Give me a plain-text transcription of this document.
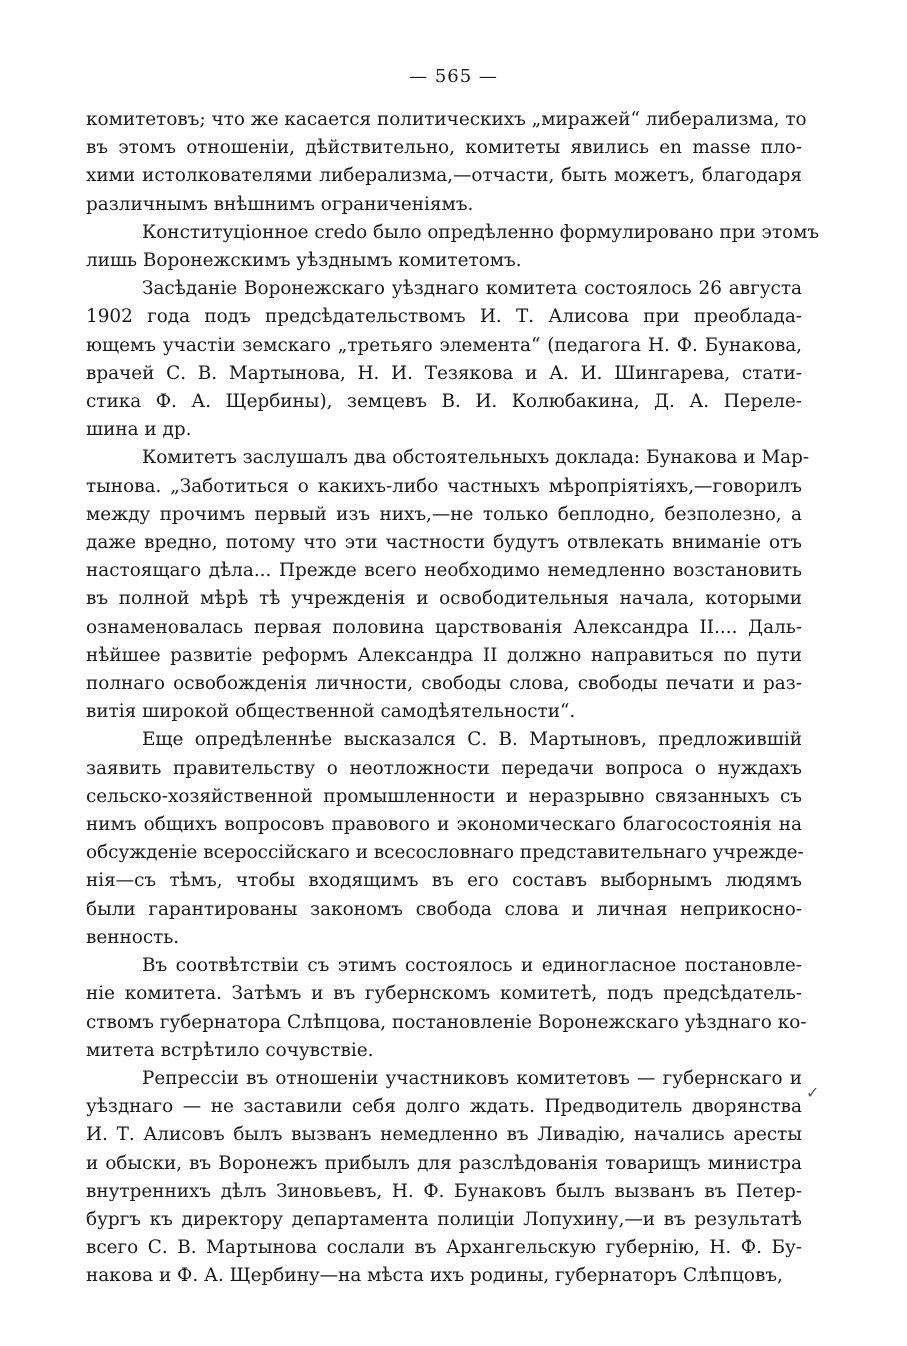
— 565 —
комитетовъ; что же касается политическихъ „миражей“ либерализма, то
въ этомъ отношеніи, дѣйствительно, комитеты явились en masse пло-
хими истолкователями либерализма,—отчасти, быть можетъ, благодаря
различнымъ внѣшнимъ ограниченіямъ.
Конституціонное credo было опредѣленно формулировано при этомъ
лишь Воронежскимъ уѣзднымъ комитетомъ.
Засѣданіе Воронежскаго уѣзднаго комитета состоялось 26 августа
1902 года подъ предсѣдательствомъ И. Т. Алисова при преоблада-
ющемъ участіи земскаго „третьяго элемента“ (педагога Н. Ф. Бунакова,
врачей С. В. Мартынова, Н. И. Тезякова и А. И. Шингарева, стати-
стика Ф. А. Щербины), земцевъ В. И. Колюбакина, Д. А. Переле-
шина и др.
Комитетъ заслушалъ два обстоятельныхъ доклада: Бунакова и Мар-
тынова. „Заботиться о какихъ-либо частныхъ мѣропріятіяхъ,—говорилъ
между прочимъ первый изъ нихъ,—не только беплодно, безполезно, а
даже вредно, потому что эти частности будутъ отвлекать вниманіе отъ
настоящаго дѣла... Прежде всего необходимо немедленно возстановить
въ полной мѣрѣ тѣ учрежденія и освободительныя начала, которыми
ознаменовалась первая половина царствованія Александра II.... Даль-
нѣйшее развитіе реформъ Александра II должно направиться по пути
полнаго освобожденія личности, свободы слова, свободы печати и раз-
витія широкой общественной самодѣятельности“.
Еще опредѣленнѣе высказался С. В. Мартыновъ, предложившій
заявить правительству о неотложности передачи вопроса о нуждахъ
сельско-хозяйственной промышленности и неразрывно связанныхъ съ
нимъ общихъ вопросовъ правового и экономическаго благосостоянія на
обсужденіе всероссійскаго и всесословнаго представительнаго учрежде-
нія—съ тѣмъ, чтобы входящимъ въ его составъ выборнымъ людямъ
были гарантированы закономъ свобода слова и личная неприкосно-
венность.
Въ соотвѣтствіи съ этимъ состоялось и единогласное постановле-
ніе комитета. Затѣмъ и въ губернскомъ комитетѣ, подъ предсѣдатель-
ствомъ губернатора Слѣпцова, постановленіе Воронежскаго уѣзднаго ко-
митета встрѣтило сочувствіе.
Репрессіи въ отношеніи участниковъ комитетовъ — губернскаго и
уѣзднаго — не заставили себя долго ждать. Предводитель дворянства
И. Т. Алисовъ былъ вызванъ немедленно въ Ливадію, начались аресты
и обыски, въ Воронежъ прибылъ для разслѣдованія товарищъ министра
внутреннихъ дѣлъ Зиновьевъ, Н. Ф. Бунаковъ былъ вызванъ въ Петер-
бургъ къ директору департамента полиціи Лопухину,—и въ результатѣ
всего С. В. Мартынова сослали въ Архангельскую губернію, Н. Ф. Бу-
накова и Ф. А. Щербину—на мѣста ихъ родины, губернаторъ Слѣпцовъ,
✓
